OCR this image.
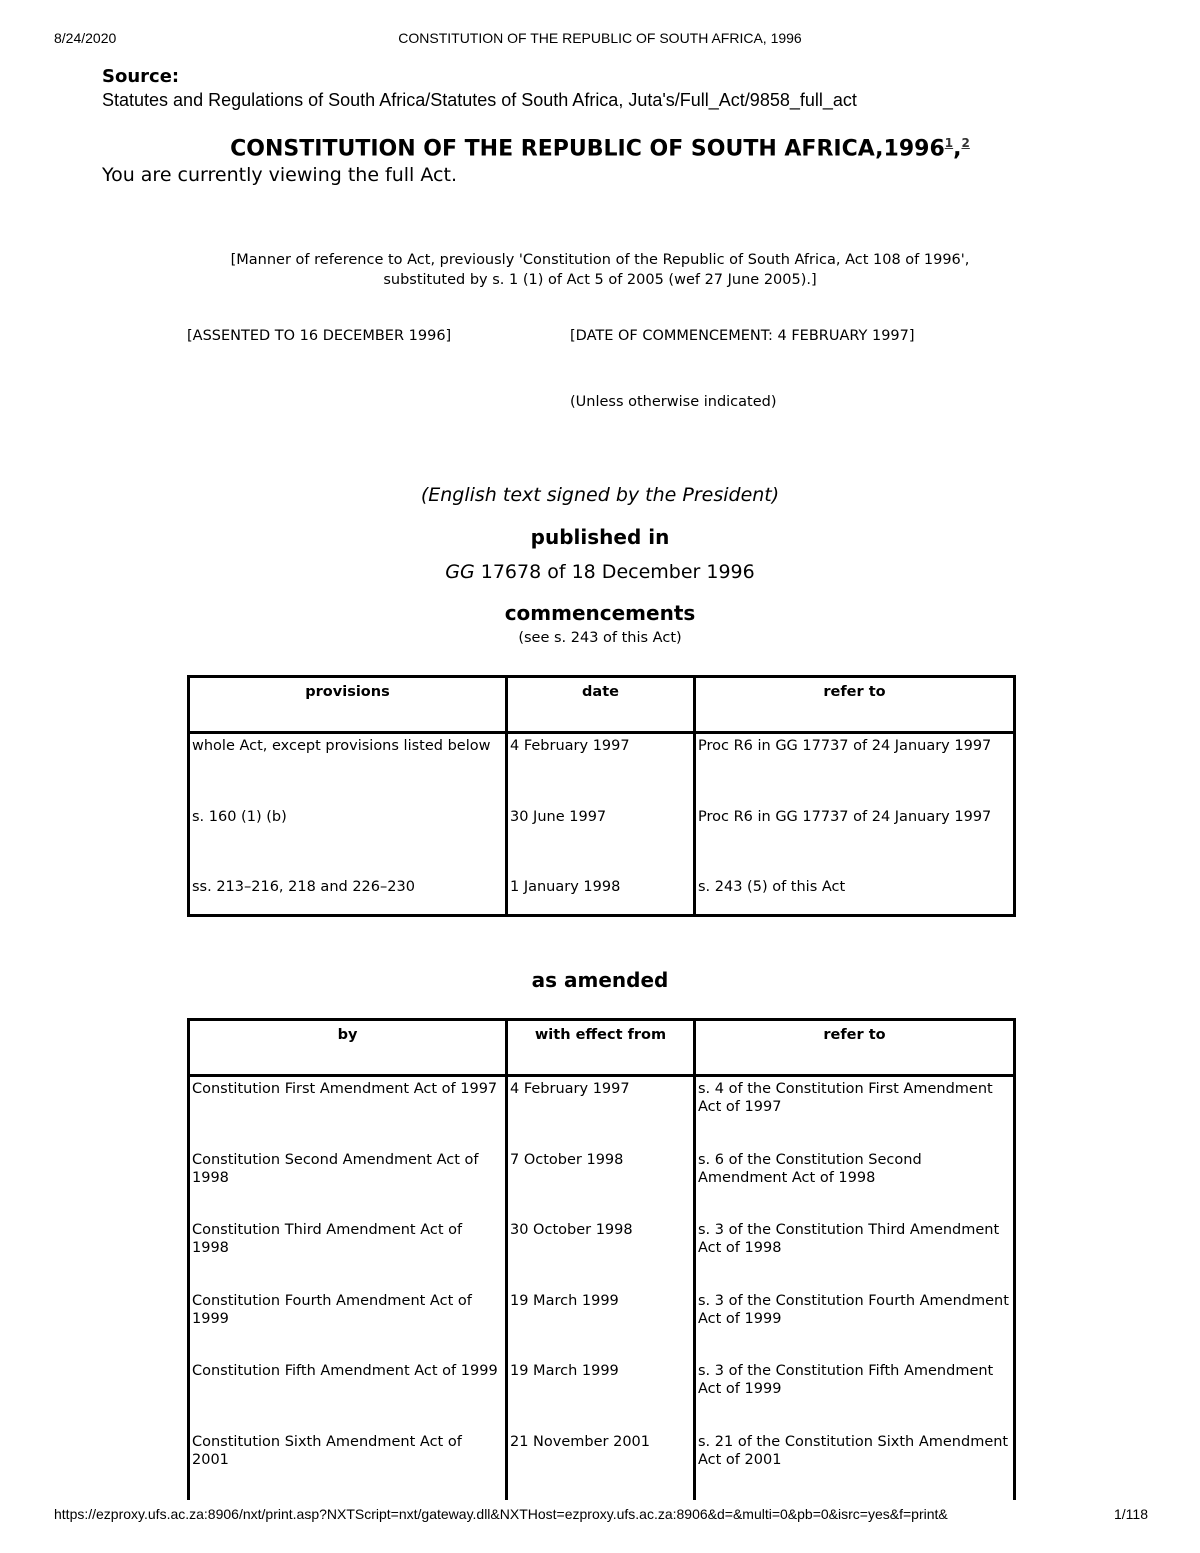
8/24/2020	CONSTITUTION OF THE REPUBLIC OF SOUTH AFRICA, 1996
Source:
Statutes and Regulations of South Africa/Statutes of South Africa, Juta's/Full_Act/9858_full_act
CONSTITUTION OF THE REPUBLIC OF SOUTH AFRICA,1996$^1$,$^2$
You are currently viewing the full Act.
[Manner of reference to Act, previously 'Constitution of the Republic of South Africa, Act 108 of 1996',
substituted by s. 1 (1) of Act 5 of 2005 (wef 27 June 2005).]
[ASSENTED TO 16 DECEMBER 1996]	[DATE OF COMMENCEMENT: 4 FEBRUARY 1997]
(Unless otherwise indicated)
(English text signed by the President)
published in
GG 17678 of 18 December 1996
commencements
(see s. 243 of this Act)
provisions	date	refer to
whole Act, except provisions listed below	4 February 1997	Proc R6 in GG 17737 of 24 January 1997
s. 160 (1) (b)	30 June 1997	Proc R6 in GG 17737 of 24 January 1997
ss. 213–216, 218 and 226–230	1 January 1998	s. 243 (5) of this Act
as amended
by	with effect from	refer to
Constitution First Amendment Act of 1997	4 February 1997	s. 4 of the Constitution First Amendment Act of 1997
Constitution Second Amendment Act of 1998	7 October 1998	s. 6 of the Constitution Second Amendment Act of 1998
Constitution Third Amendment Act of 1998	30 October 1998	s. 3 of the Constitution Third Amendment Act of 1998
Constitution Fourth Amendment Act of 1999	19 March 1999	s. 3 of the Constitution Fourth Amendment Act of 1999
Constitution Fifth Amendment Act of 1999	19 March 1999	s. 3 of the Constitution Fifth Amendment Act of 1999
Constitution Sixth Amendment Act of 2001	21 November 2001	s. 21 of the Constitution Sixth Amendment Act of 2001
https://ezproxy.ufs.ac.za:8906/nxt/print.asp?NXTScript=nxt/gateway.dll&NXTHost=ezproxy.ufs.ac.za:8906&d=&multi=0&pb=0&isrc=yes&f=print&	1/118
